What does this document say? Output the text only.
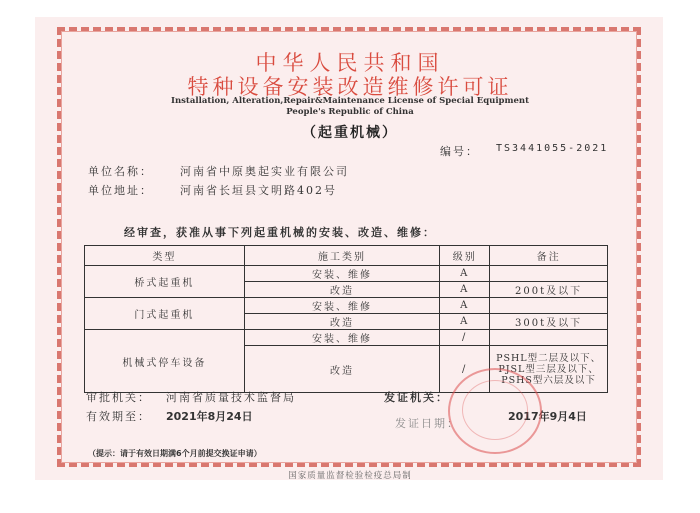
中华人民共和国
特种设备安装改造维修许可证
Installation, Alteration,Repair&Maintenance License of Special Equipment
People's Republic of China
（起重机械）
编号： TS3441055-2021
单位名称： 河南省中原奥起实业有限公司
单位地址： 河南省长垣县文明路402号
经审查，获准从事下列起重机械的安装、改造、维修：
类型	施工类别	级别	备注
桥式起重机	安装、维修	A	
	改造	A	200t及以下
门式起重机	安装、维修	A	
	改造	A	300t及以下
机械式停车设备	安装、维修	/	
	改造	/	PSHL型二层及以下、PJSL型三层及以下、PSHS型六层及以下
审批机关： 河南省质量技术监督局	发证机关：
有效期至： 2021年8月24日
发证日期：
2017年9月4日
（提示：请于有效日期满6个月前提交换证申请）
国家质量监督检验检疫总局制
